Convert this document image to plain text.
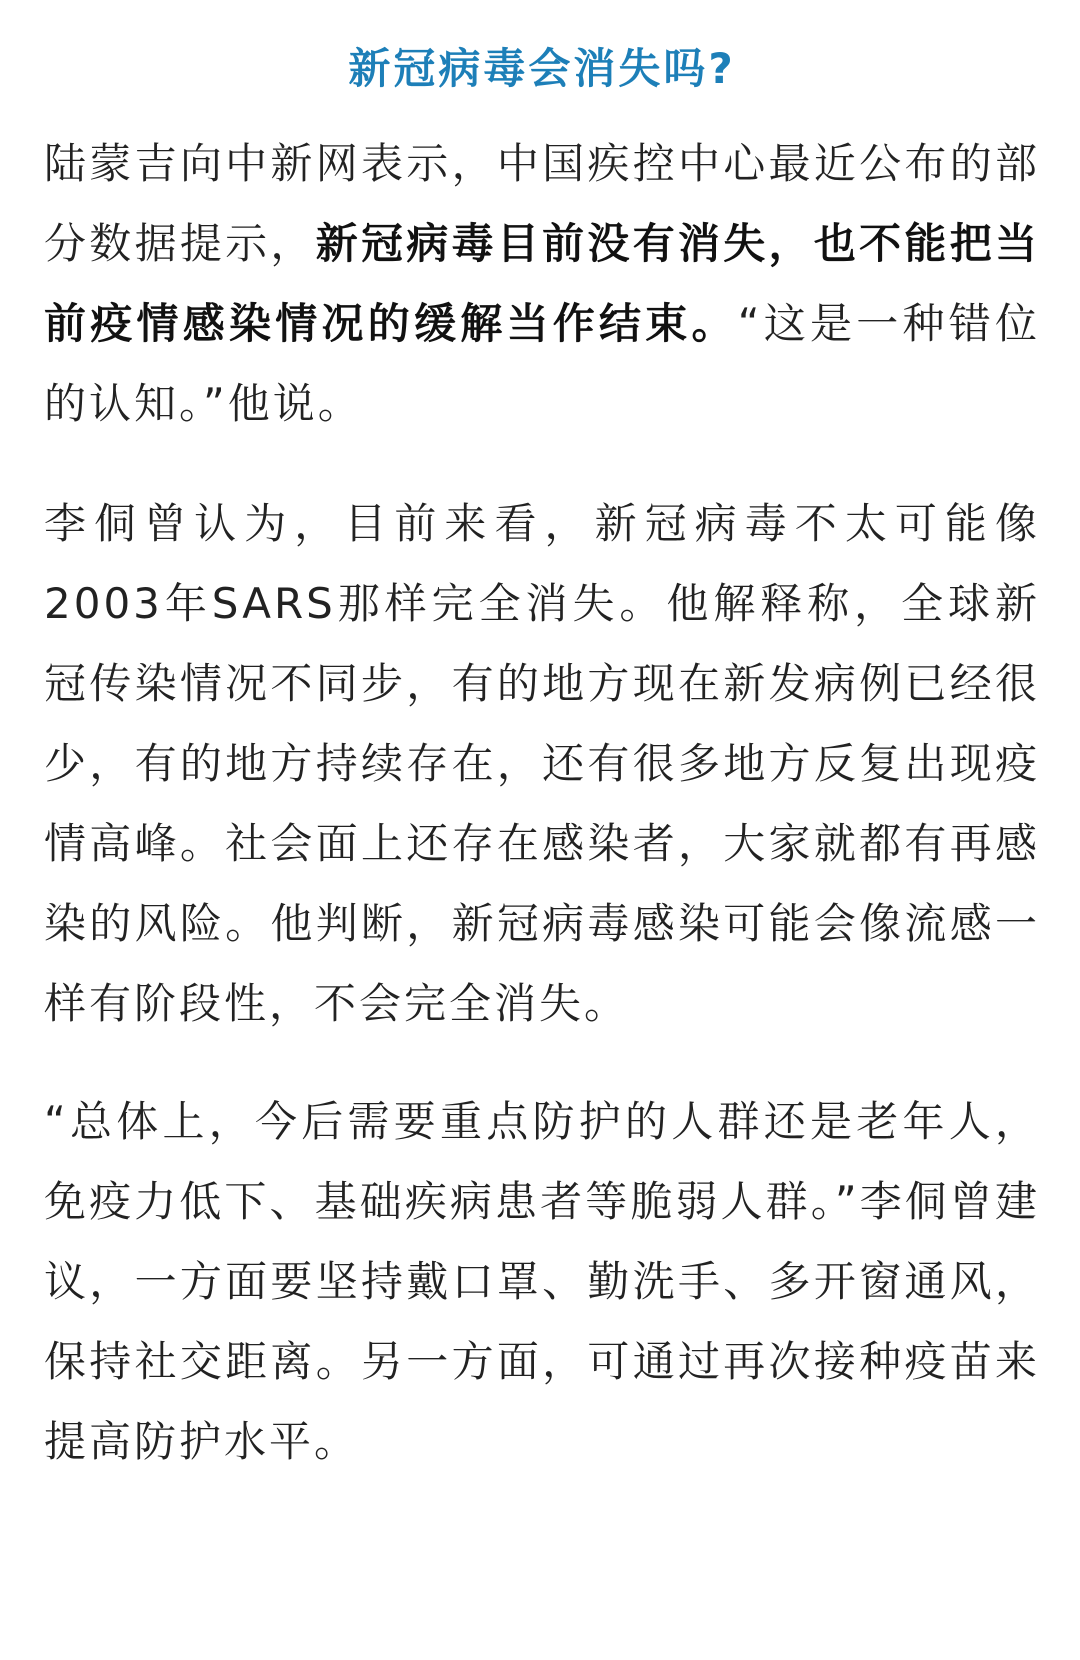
新冠病毒会消失吗?

陆蒙吉向中新网表示，中国疾控中心最近公布的部分数据提示，新冠病毒目前没有消失，也不能把当前疫情感染情况的缓解当作结束。“这是一种错位的认知。”他说。

李侗曾认为，目前来看，新冠病毒不太可能像2003年SARS那样完全消失。他解释称，全球新冠传染情况不同步，有的地方现在新发病例已经很少，有的地方持续存在，还有很多地方反复出现疫情高峰。社会面上还存在感染者，大家就都有再感染的风险。他判断，新冠病毒感染可能会像流感一样有阶段性，不会完全消失。

“总体上，今后需要重点防护的人群还是老年人，免疫力低下、基础疾病患者等脆弱人群。”李侗曾建议，一方面要坚持戴口罩、勤洗手、多开窗通风，保持社交距离。另一方面，可通过再次接种疫苗来提高防护水平。
